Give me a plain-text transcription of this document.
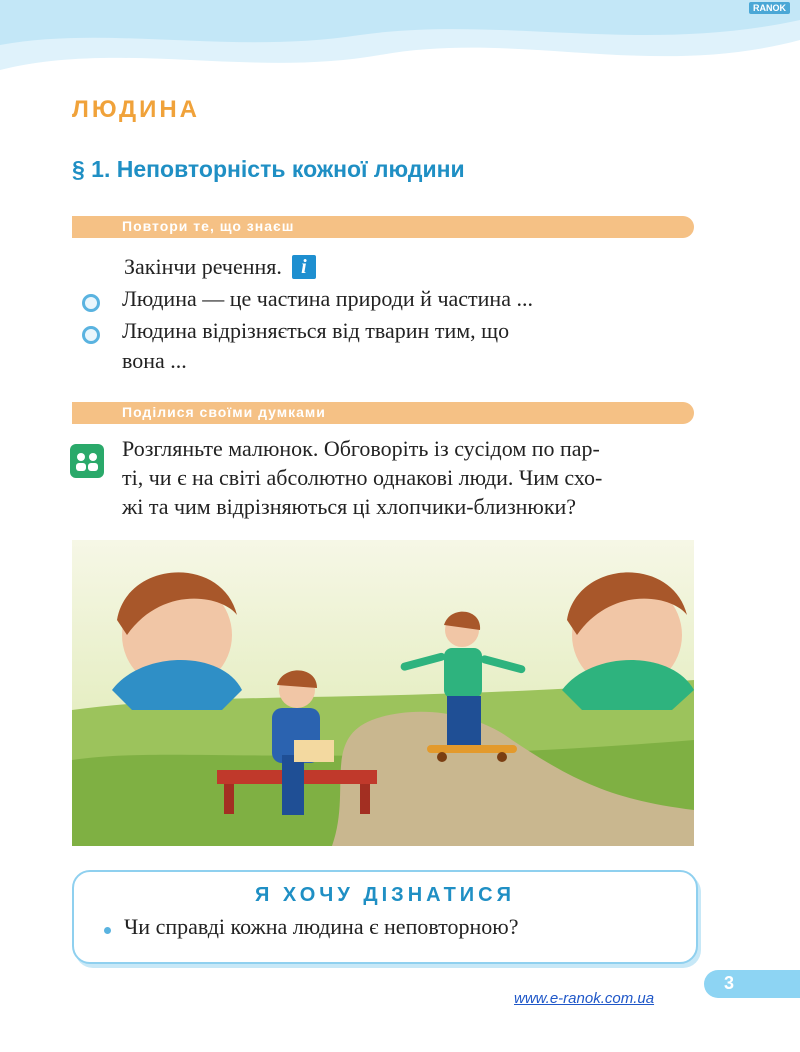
RANOK
ЛЮДИНА
§ 1. Неповторність кожної людини
Повтори те, що знаєш
Закінчи речення. i
Людина — це частина природи й частина ...
Людина відрізняється від тварин тим, що
вона ...
Поділися своїми думками
Розгляньте малюнок. Обговоріть із сусідом по пар-
ті, чи є на світі абсолютно однакові люди. Чим схо-
жі та чим відрізняються ці хлопчики-близнюки?
Я ХОЧУ ДІЗНАТИСЯ
Чи справді кожна людина є неповторною?
3
www.e-ranok.com.ua
